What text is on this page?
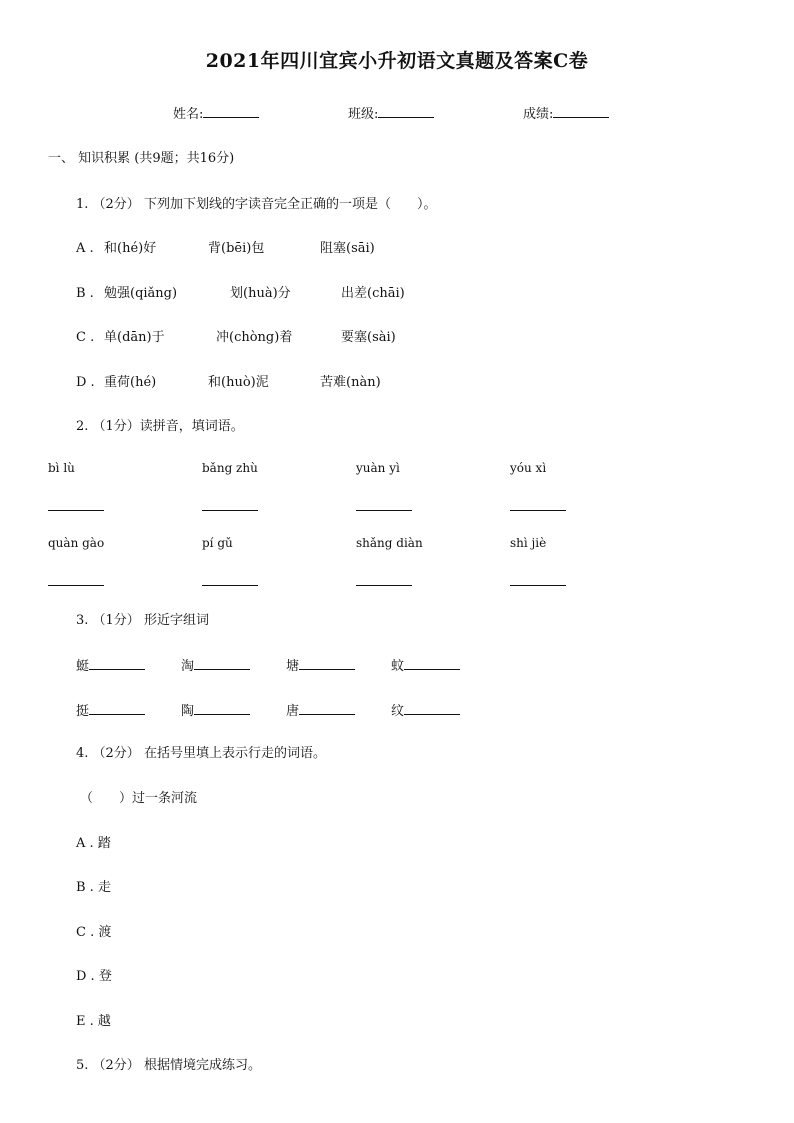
2021年四川宜宾小升初语文真题及答案C卷
姓名:	班级:	成绩:
一、 知识积累 (共9题；共16分)
1. （2分） 下列加下划线的字读音完全正确的一项是（　　）。
A . 和(hé)好	背(bēi)包	阻塞(sāi)
B . 勉强(qiǎng)	划(huà)分	出差(chāi)
C . 单(dān)于	冲(chòng)着	要塞(sài)
D . 重荷(hé)	和(huò)泥	苦难(nàn)
2. （1分）读拼音，填词语。
bì lù	bǎng zhù	yuàn yì	yóu xì
quàn gào	pí gǔ	shǎng diàn	shì jiè
3. （1分） 形近字组词
蜓	淘	塘	蚊
挺	陶	唐	纹
4. （2分） 在括号里填上表示行走的词语。
（　　）过一条河流
A . 踏
B . 走
C . 渡
D . 登
E . 越
5. （2分） 根据情境完成练习。
